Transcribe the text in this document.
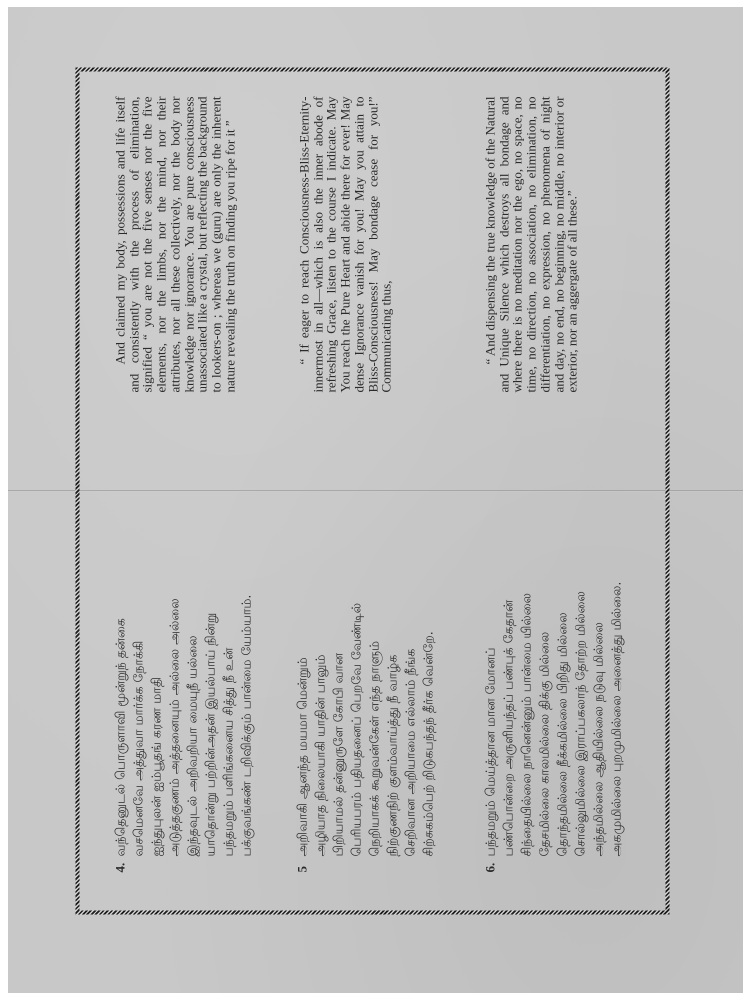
4.
வந்தெனுடல் பொருளாவி மூன்றுந் தன்கை வசமெனவே அத்துவா மார்க்க நோக்கி ஐந்துபுலன் ஐம்பூதங் கரண மாதி அடுத்தகுணம் அத்தனையும் அல்லை அல்லை இந்தவுடல் அறிவறியா மையுநீ யல்லை யாதொன்று பற்றின்அதன் இயல்பாய் நின்று பந்தமறும் பளிங்கனைய சித்து நீ உன் பக்குவங்கண் டறிவிக்கும் பான்மை யேம்யாம்.
5
அறிவாகி ஆனந்த மயமா மென்றும் அழியாத நிலையாகி யாதின் பாலும் பிறியாமல் தன்னுருளே கோபி வான பெரியபரம் பதியதனைப் பெறவே வேண்டில் நெறியாகக் கூறுவன்கேள் எந்த நாளும் நிற்குணநிற் குளம்வாய்த்து நீ வாழ்க செறிவான அறியாமை எல்லாம் நீங்க சிற்சுகம்பெற் றிடுகபந்தந் தீர்க வென்றே.
6.
பந்தமறும் மெய்த்தான மான மோனப் பண்பொன்றை அருளியந்தப் பண்புக் கேதான் சிந்தையில்லை நானென்னும் பான்மை யில்லை தேசமில்லை காலமில்லை திக்கு மில்லை தொந்தமில்லை நீக்கமில்லை பிறிது மில்லை சொல்லுமில்லை இராப்பகலாந் தோற்ற மில்லை அந்தமில்லை ஆதியில்லை நடுவு மில்லை அகமுமில்லை புறமுமில்லை அனைத்து மில்லை.

And claimed my body, possessions and life itself and consistently with the process of elimination, signified “ you are not the five senses nor the five elements, nor the limbs, nor the mind, nor their attributes, nor all these collectively, nor the body nor knowledge nor ignorance. You are pure consciousness unassociated like a crystal, but reflecting the background to lookers-on ; whereas we (guru) are only the inherent nature revealing the truth on finding you ripe for it ”	“ If eager to reach Consciousness-Bliss-Eternity-innermost in all—which is also the inner abode of refreshing Grace, listen to the course I indicate. May You reach the Pure Heart and abide there for ever! May dense Ignorance vanish for you! May you attain to Bliss-Consciousness! May bondage cease for you!” Communicating thus,	“ And dispensing the true knowledge of the Natural and Unique Silence which destroys all bondage and where there is no meditation nor the ego, no space, no time, no direction, no association, no elimination, no differentiation, no expression, no phenomena of night and day, no end, no beginning, no middle, no interior or exterior, nor an aggergate of all these.”
